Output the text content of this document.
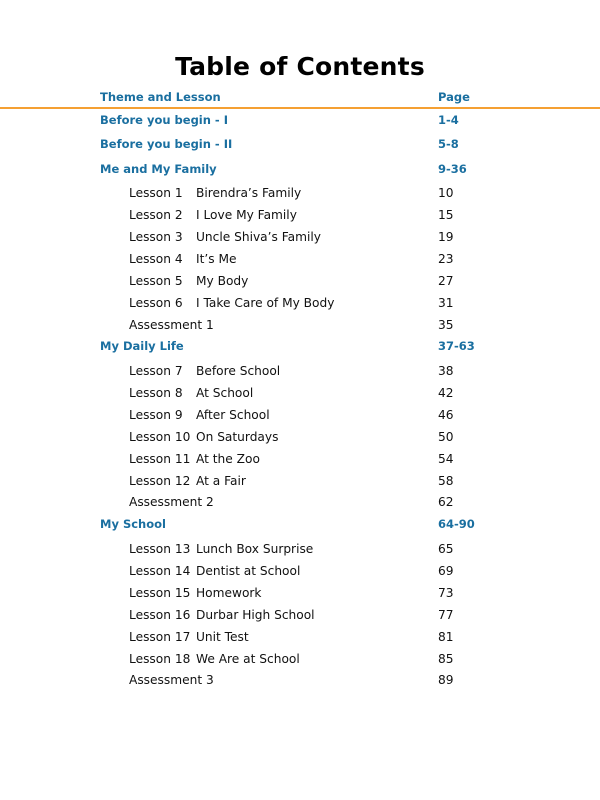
Table of Contents
Theme and Lesson	Page
Before you begin - I	1-4
Before you begin - II	5-8
Me and My Family	9-36
Lesson 1 Birendra’s Family	10
Lesson 2 I Love My Family	15
Lesson 3 Uncle Shiva’s Family	19
Lesson 4 It’s Me	23
Lesson 5 My Body	27
Lesson 6 I Take Care of My Body	31
Assessment 1	35
My Daily Life	37-63
Lesson 7 Before School	38
Lesson 8 At School	42
Lesson 9 After School	46
Lesson 10 On Saturdays	50
Lesson 11 At the Zoo	54
Lesson 12 At a Fair	58
Assessment 2	62
My School	64-90
Lesson 13 Lunch Box Surprise	65
Lesson 14 Dentist at School	69
Lesson 15 Homework	73
Lesson 16 Durbar High School	77
Lesson 17 Unit Test	81
Lesson 18 We Are at School	85
Assessment 3	89
